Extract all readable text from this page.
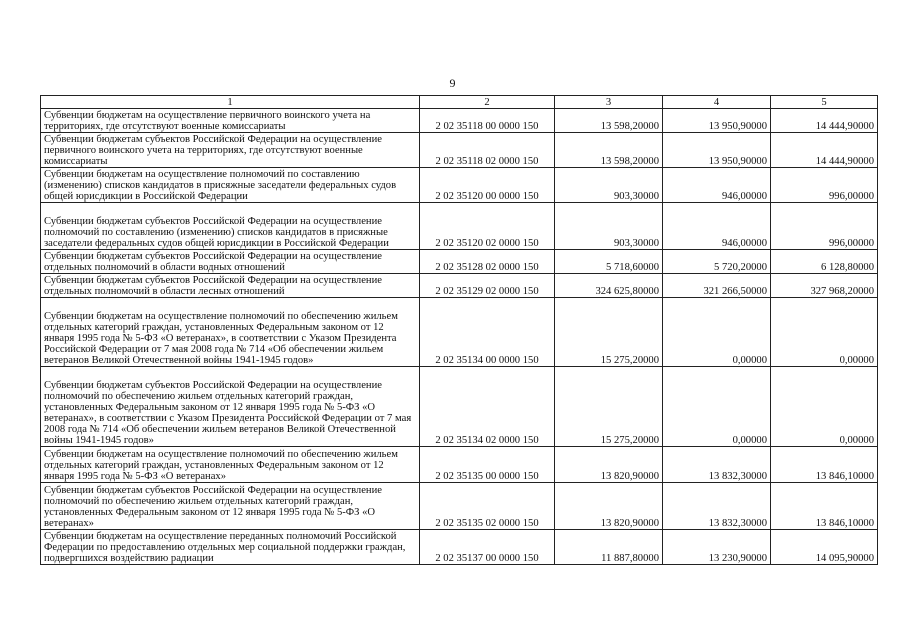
9
1	2	3	4	5
Субвенции бюджетам на осуществление первичного воинского учета на территориях, где отсутствуют военные комиссариаты	2 02 35118 00 0000 150	13 598,20000	13 950,90000	14 444,90000
Субвенции бюджетам субъектов Российской Федерации на осуществление первичного воинского учета на территориях, где отсутствуют военные комиссариаты	2 02 35118 02 0000 150	13 598,20000	13 950,90000	14 444,90000
Субвенции бюджетам на осуществление полномочий по составлению (изменению) списков кандидатов в присяжные заседатели федеральных судов общей юрисдикции в Российской Федерации	2 02 35120 00 0000 150	903,30000	946,00000	996,00000
Субвенции бюджетам субъектов Российской Федерации на осуществление полномочий по составлению (изменению) списков кандидатов в присяжные заседатели федеральных судов общей юрисдикции в Российской Федерации	2 02 35120 02 0000 150	903,30000	946,00000	996,00000
Субвенции бюджетам субъектов Российской Федерации на осуществление отдельных полномочий в области водных отношений	2 02 35128 02 0000 150	5 718,60000	5 720,20000	6 128,80000
Субвенции бюджетам субъектов Российской Федерации на осуществление отдельных полномочий в области лесных отношений	2 02 35129 02 0000 150	324 625,80000	321 266,50000	327 968,20000
Субвенции бюджетам на осуществление полномочий по обеспечению жильем отдельных категорий граждан, установленных Федеральным законом от 12 января 1995 года № 5-ФЗ «О ветеранах», в соответствии с Указом Президента Российской Федерации от 7 мая 2008 года № 714 «Об обеспечении жильем ветеранов Великой Отечественной войны 1941-1945 годов»	2 02 35134 00 0000 150	15 275,20000	0,00000	0,00000
Субвенции бюджетам субъектов Российской Федерации на осуществление полномочий по обеспечению жильем отдельных категорий граждан, установленных Федеральным законом от 12 января 1995 года № 5-ФЗ «О ветеранах», в соответствии с Указом Президента Российской Федерации от 7 мая 2008 года № 714 «Об обеспечении жильем ветеранов Великой Отечественной войны 1941-1945 годов»	2 02 35134 02 0000 150	15 275,20000	0,00000	0,00000
Субвенции бюджетам на осуществление полномочий по обеспечению жильем отдельных категорий граждан, установленных Федеральным законом от 12 января 1995 года № 5-ФЗ «О ветеранах»	2 02 35135 00 0000 150	13 820,90000	13 832,30000	13 846,10000
Субвенции бюджетам субъектов Российской Федерации на осуществление полномочий по обеспечению жильем отдельных категорий граждан, установленных Федеральным законом от 12 января 1995 года № 5-ФЗ «О ветеранах»	2 02 35135 02 0000 150	13 820,90000	13 832,30000	13 846,10000
Субвенции бюджетам на осуществление переданных полномочий Российской Федерации по предоставлению отдельных мер социальной поддержки граждан, подвергшихся воздействию радиации	2 02 35137 00 0000 150	11 887,80000	13 230,90000	14 095,90000
